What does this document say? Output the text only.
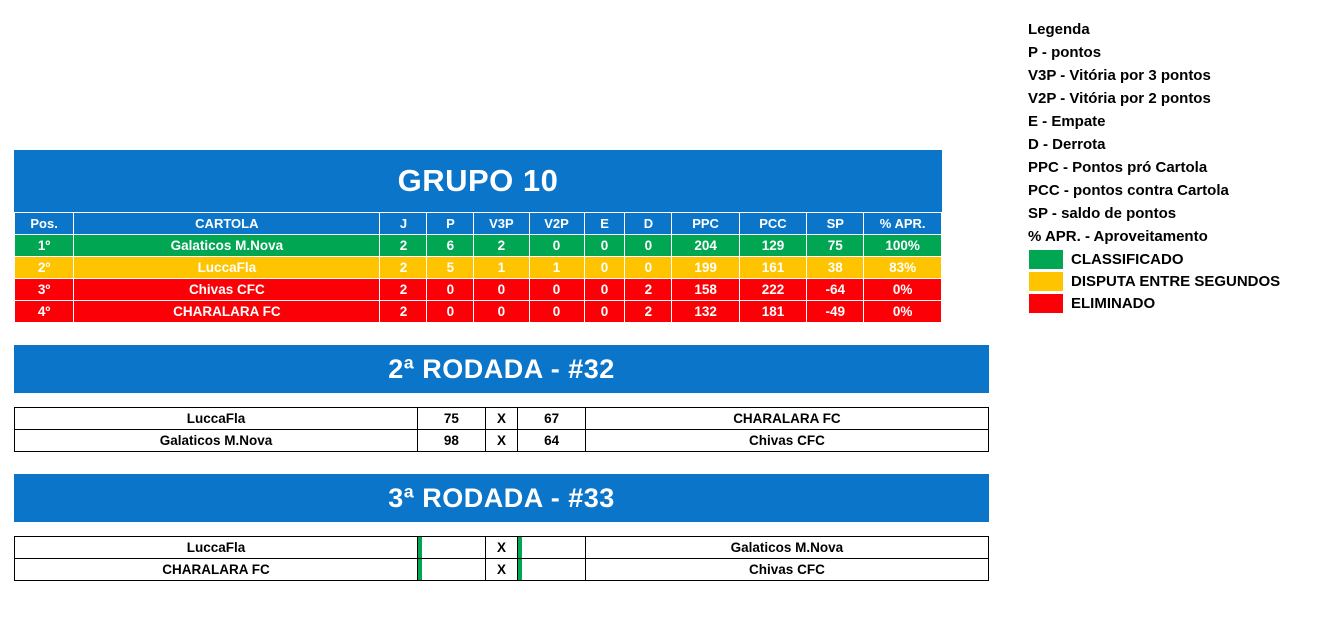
GRUPO 10
Pos.	CARTOLA	J	P	V3P	V2P	E	D	PPC	PCC	SP	% APR.
1º	Galaticos M.Nova	2	6	2	0	0	0	204	129	75	100%
2º	LuccaFla	2	5	1	1	0	0	199	161	38	83%
3º	Chivas CFC	2	0	0	0	0	2	158	222	-64	0%
4º	CHARALARA FC	2	0	0	0	0	2	132	181	-49	0%
2ª RODADA - #32
LuccaFla	75	X	67	CHARALARA FC
Galaticos M.Nova	98	X	64	Chivas CFC
3ª RODADA - #33
LuccaFla		X		Galaticos M.Nova
CHARALARA FC		X		Chivas CFC
Legenda
P - pontos
V3P - Vitória por 3 pontos
V2P - Vitória por 2 pontos
E - Empate
D - Derrota
PPC - Pontos pró Cartola
PCC - pontos contra Cartola
SP - saldo de pontos
% APR. - Aproveitamento
CLASSIFICADO
DISPUTA ENTRE SEGUNDOS
ELIMINADO
